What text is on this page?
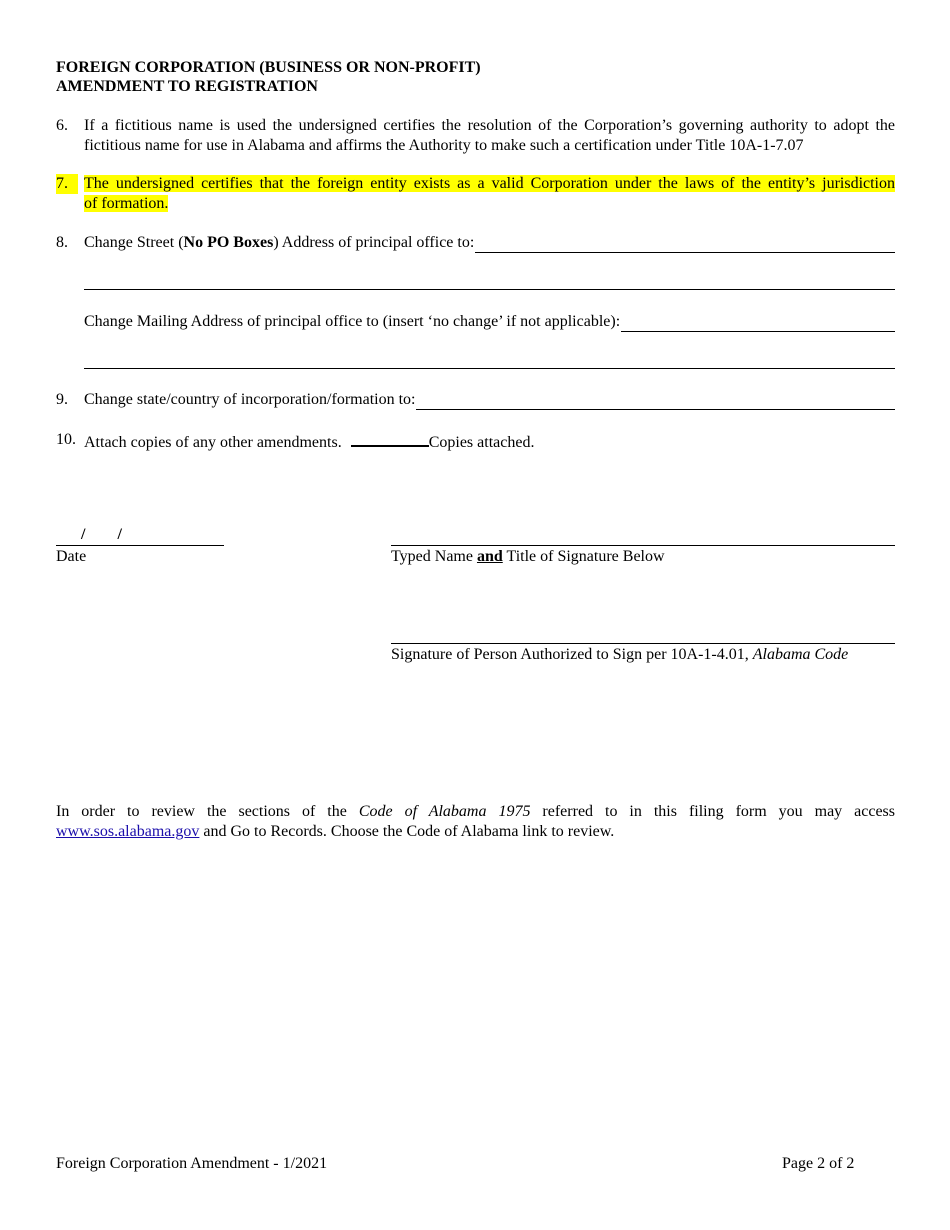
FOREIGN CORPORATION (BUSINESS OR NON-PROFIT)
AMENDMENT TO REGISTRATION
6.	If a fictitious name is used the undersigned certifies the resolution of the Corporation’s governing authority to adopt the fictitious name for use in Alabama and affirms the Authority to make such a certification under Title 10A-1-7.07
7.	The undersigned certifies that the foreign entity exists as a valid Corporation under the laws of the entity’s jurisdiction
of formation.
8.	Change Street (No PO Boxes) Address of principal office to:
Change Mailing Address of principal office to (insert ‘no change’ if not applicable):
9.	Change state/country of incorporation/formation to:
10. Attach copies of any other amendments.	Copies attached.
/        /
Date	Typed Name and Title of Signature Below
Signature of Person Authorized to Sign per 10A-1-4.01, Alabama Code
In order to review the sections of the Code of Alabama 1975 referred to in this filing form you may access
www.sos.alabama.gov and Go to Records. Choose the Code of Alabama link to review.
Foreign Corporation Amendment - 1/2021	Page 2 of 2
